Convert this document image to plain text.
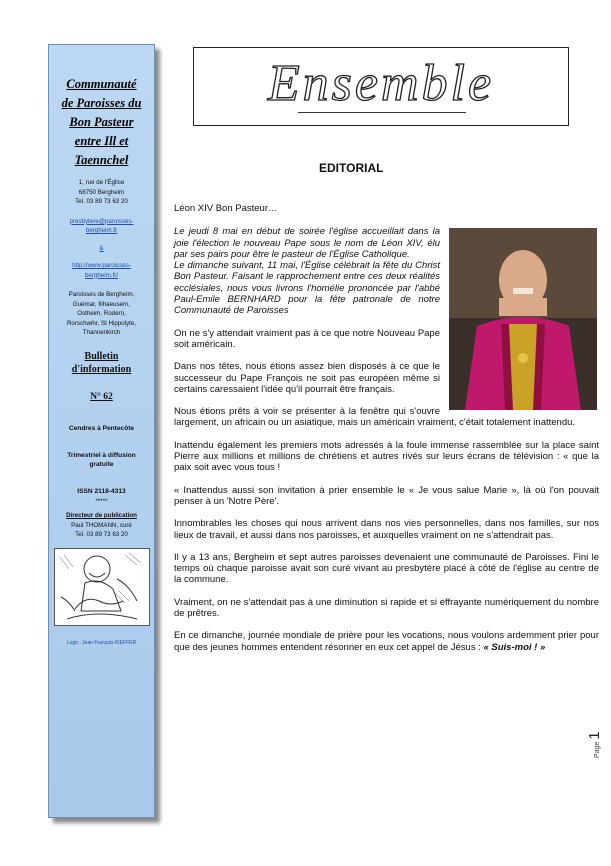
Communauté
de Paroisses du
Bon Pasteur
entre Ill et
Taennchel
1, rue de l'Église
68750 Bergheim
Tel. 03 89 73 63 20
presbytere@paroisses-
bergheim.fr
&
http://www.paroisses-
bergheim.fr/
Paroisses de Bergheim,
Guémar, Illhaeusern,
Ostheim, Rodern,
Rorschwihr, St Hippolyte,
Thannenkirch
Bulletin
d'information
N° 62
Cendres à Pentecôte
Trimestriel à diffusion
gratuite
ISSN 2118-4313
*****
Directeur de publication
Paul THOMANN, curé
Tel. 03 89 73 63 20
Logo : Jean François KIEFFER
Ensemble
EDITORIAL

Léon XIV Bon Pasteur…

Le jeudi 8 mai en début de soirée l'église accueillait dans la joie l'élection le nouveau Pape sous le nom de Léon XIV, élu par ses pairs pour être le pasteur de l'Église Catholique.

Le dimanche suivant, 11 mai, l'Église célébrait la fête du Christ Bon Pasteur. Faisant le rapprochement entre ces deux réalités ecclésiales, nous vous livrons l'homélie prononcée par l'abbé Paul-Emile BERNHARD pour la fête patronale de notre Communauté de Paroisses

On ne s'y attendait vraiment pas à ce que notre Nouveau Pape soit américain.

Dans nos têtes, nous étions assez bien disposés à ce que le successeur du Pape François ne soit pas européen même si certains caressaient l'idée qu'il pourrait être français.

Nous étions prêts à voir se présenter à la fenêtre qui s'ouvre largement, un africain ou un asiatique, mais un américain vraiment, c'était totalement inattendu.

Inattendu également les premiers mots adressés à la foule immense rassemblée sur la place saint Pierre aux millions et millions de chrétiens et autres rivés sur leurs écrans de télévision : « que la paix soit avec vous tous !

« Inattendus aussi son invitation à prier ensemble le « Je vous salue Marie », là où l'on pouvait penser à un 'Notre Père'.

Innombrables les choses qui nous arrivent dans nos vies personnelles, dans nos familles, sur nos lieux de travail, et aussi dans nos paroisses, et auxquelles vraiment on ne s'attendrait pas.

Il y a 13 ans, Bergheim et sept autres paroisses devenaient une communauté de Paroisses. Fini le temps où chaque paroisse avait son curé vivant au presbytère placé à côté de l'église au centre de la commune.

Vraiment, on ne s'attendait pas à une diminution si rapide et si effrayante numériquement du nombre de prêtres.

En ce dimanche, journée mondiale de prière pour les vocations, nous voulons ardemment prier pour que des jeunes hommes entendent résonner en eux cet appel de Jésus : « Suis-moi ! »

Page 1
